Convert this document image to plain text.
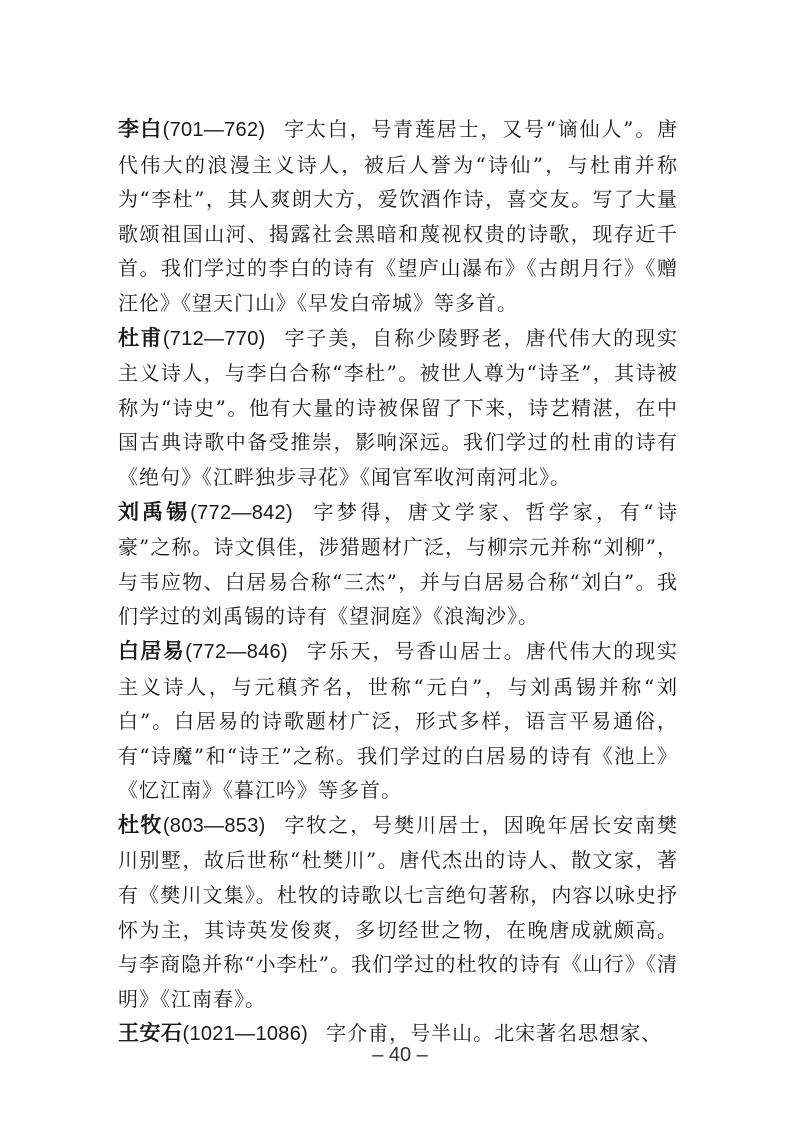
李白(701—762) 字太白，号青莲居士，又号“谪仙人”。唐代伟大的浪漫主义诗人，被后人誉为“诗仙”，与杜甫并称为“李杜”，其人爽朗大方，爱饮酒作诗，喜交友。写了大量歌颂祖国山河、揭露社会黑暗和蔑视权贵的诗歌，现存近千首。我们学过的李白的诗有《望庐山瀑布》《古朗月行》《赠汪伦》《望天门山》《早发白帝城》等多首。
杜甫(712—770) 字子美，自称少陵野老，唐代伟大的现实主义诗人，与李白合称“李杜”。被世人尊为“诗圣”，其诗被称为“诗史”。他有大量的诗被保留了下来，诗艺精湛，在中国古典诗歌中备受推崇，影响深远。我们学过的杜甫的诗有《绝句》《江畔独步寻花》《闻官军收河南河北》。
刘禹锡(772—842) 字梦得，唐文学家、哲学家，有“诗豪”之称。诗文俱佳，涉猎题材广泛，与柳宗元并称“刘柳”，与韦应物、白居易合称“三杰”，并与白居易合称“刘白”。我们学过的刘禹锡的诗有《望洞庭》《浪淘沙》。
白居易(772—846) 字乐天，号香山居士。唐代伟大的现实主义诗人，与元稹齐名，世称“元白”，与刘禹锡并称“刘白”。白居易的诗歌题材广泛，形式多样，语言平易通俗，有“诗魔”和“诗王”之称。我们学过的白居易的诗有《池上》《忆江南》《暮江吟》等多首。
杜牧(803—853) 字牧之，号樊川居士，因晚年居长安南樊川别墅，故后世称“杜樊川”。唐代杰出的诗人、散文家，著有《樊川文集》。杜牧的诗歌以七言绝句著称，内容以咏史抒怀为主，其诗英发俊爽，多切经世之物，在晚唐成就颇高。与李商隐并称“小李杜”。我们学过的杜牧的诗有《山行》《清明》《江南春》。
王安石(1021—1086) 字介甫，号半山。北宋著名思想家、
– 40 –
